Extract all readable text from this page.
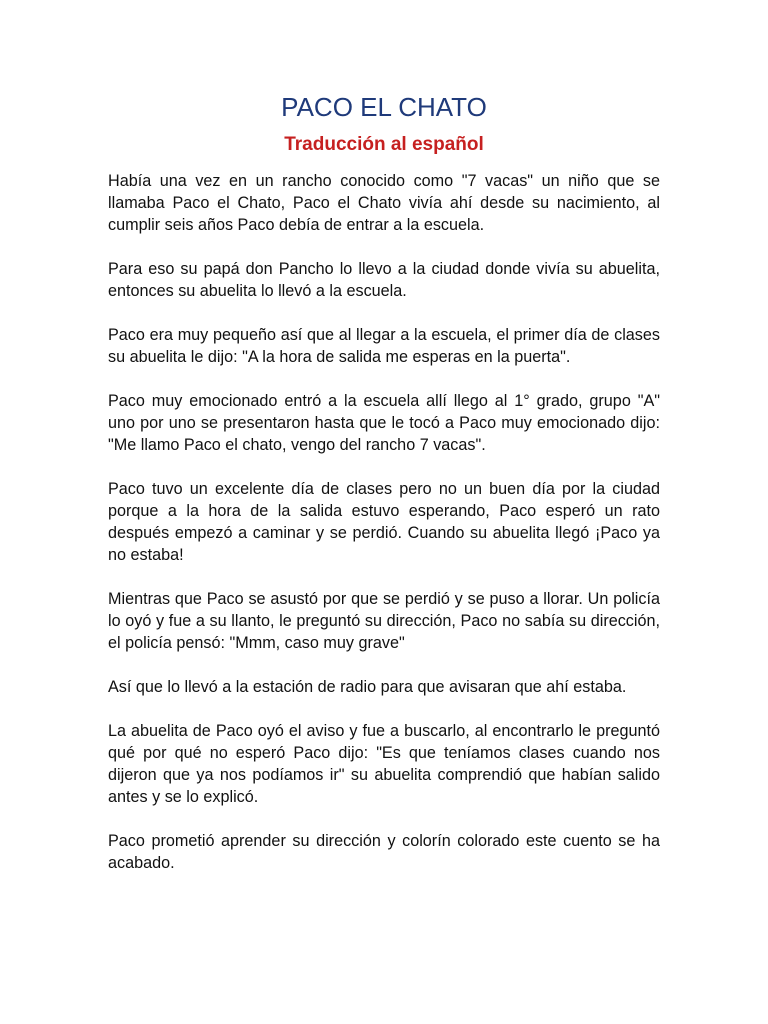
PACO EL CHATO
Traducción al español

Había una vez en un rancho conocido como "7 vacas" un niño que se llamaba Paco el Chato, Paco el Chato vivía ahí desde su nacimiento, al cumplir seis años Paco debía de entrar a la escuela.

Para eso su papá don Pancho lo llevo a la ciudad donde vivía su abuelita, entonces su abuelita lo llevó a la escuela.

Paco era muy pequeño así que al llegar a la escuela, el primer día de clases su abuelita le dijo: "A la hora de salida me esperas en la puerta".

Paco muy emocionado entró a la escuela allí llego al 1° grado, grupo "A" uno por uno se presentaron hasta que le tocó a Paco muy emocionado dijo: "Me llamo Paco el chato, vengo del rancho 7 vacas".

Paco tuvo un excelente día de clases pero no un buen día por la ciudad porque a la hora de la salida estuvo esperando, Paco esperó un rato después empezó a caminar y se perdió. Cuando su abuelita llegó ¡Paco ya no estaba!

Mientras que Paco se asustó por que se perdió y se puso a llorar. Un policía lo oyó y fue a su llanto, le preguntó su dirección, Paco no sabía su dirección, el policía pensó: "Mmm, caso muy grave"

Así que lo llevó a la estación de radio para que avisaran que ahí estaba.

La abuelita de Paco oyó el aviso y fue a buscarlo, al encontrarlo le preguntó qué por qué no esperó Paco dijo: "Es que teníamos clases cuando nos dijeron que ya nos podíamos ir" su abuelita comprendió que habían salido antes y se lo explicó.

Paco prometió aprender su dirección y colorín colorado este cuento se ha acabado.
